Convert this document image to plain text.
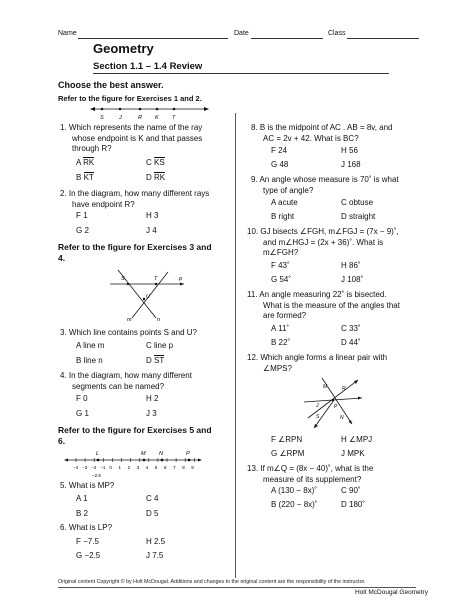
Name	Date	Class
Geometry
Section 1.1 – 1.4 Review
Choose the best answer.
Refer to the figure for Exercises 1 and 2.
S	J	R K T
1. Which represents the name of the ray
whose endpoint is K and that passes
through R?
A RK	C KS
B KT	D RK
2. In the diagram, how many different rays
have endpoint R?
F 1	H 3
G 2	J 4
Refer to the figure for Exercises 3 and
4.
S	T
U
m	n
p
3. Which line contains points S and U?
A line m	C line p
B line n	D ST
4. In the diagram, how many different
segments can be named?
F 0	H 2
G 1	J 3
Refer to the figure for Exercises 5 and
6.
−4 −3 −2 −1 0 1 2 3 4 5 6 7 8 9
L	M N	P
−2.5
5. What is MP?
A 1	C 4
B 2	D 5
6. What is LP?
F −7.5	H 2.5
G −2.5	J 7.5
8. B is the midpoint of AC . AB = 8v, and
AC = 2v + 42. What is BC?
F 24	H 56
G 48	J 168
9. An angle whose measure is 70˚ is what
type of angle?
A acute	C obtuse
B right	D straight
10. GJ bisects ∠FGH, m∠FGJ = (7x − 9)˚,
and m∠HGJ = (2x + 36)˚. What is
m∠FGH?
F 43˚	H 86˚
G 54˚	J 108˚
11. An angle measuring 22˚ is bisected.
What is the measure of the angles that
are formed?
A 11˚	C 33˚
B 22˚	D 44˚
12. Which angle forms a linear pair with
∠MPS?
M	R
J
S	N
P
F ∠RPN	H ∠MPJ
G ∠RPM	J MPK
13. If m∠Q = (8x − 40)˚, what is the
measure of its supplement?
A (130 − 8x)˚	C 90˚
B (220 − 8x)˚	D 180˚
Original content Copyright © by Holt McDougal. Additions and changes to the original content are the responsibility of the instructor.
Holt McDougal Geometry
